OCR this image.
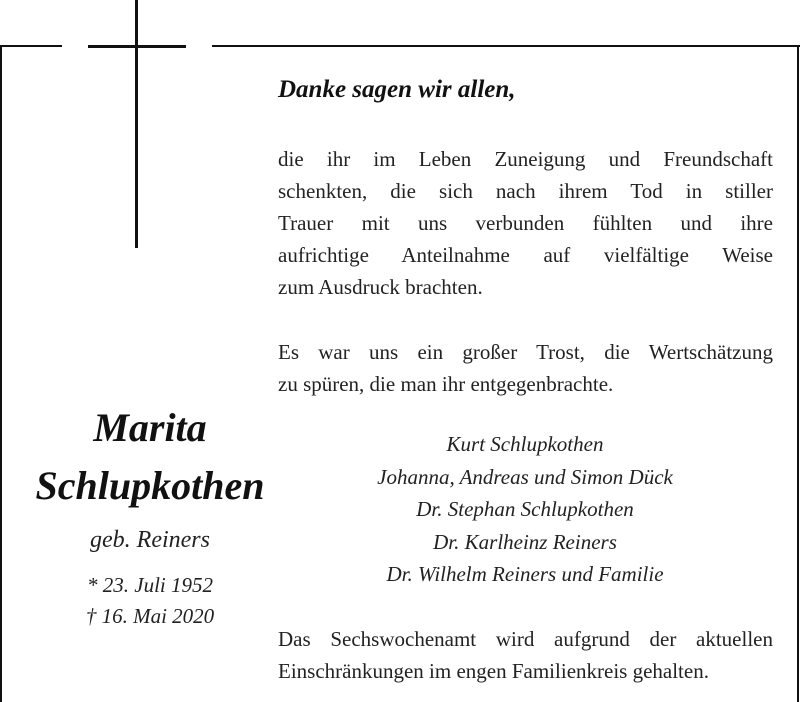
Danke sagen wir allen,
die ihr im Leben Zuneigung und Freundschaft
schenkten, die sich nach ihrem Tod in stiller
Trauer mit uns verbunden fühlten und ihre
aufrichtige Anteilnahme auf vielfältige Weise
zum Ausdruck brachten.
Es war uns ein großer Trost, die Wertschätzung
zu spüren, die man ihr entgegenbrachte.
Marita
Schlupkothen
geb. Reiners
* 23. Juli 1952
† 16. Mai 2020
Kurt Schlupkothen
Johanna, Andreas und Simon Dück
Dr. Stephan Schlupkothen
Dr. Karlheinz Reiners
Dr. Wilhelm Reiners und Familie
Das Sechswochenamt wird aufgrund der aktuellen
Einschränkungen im engen Familienkreis gehalten.
